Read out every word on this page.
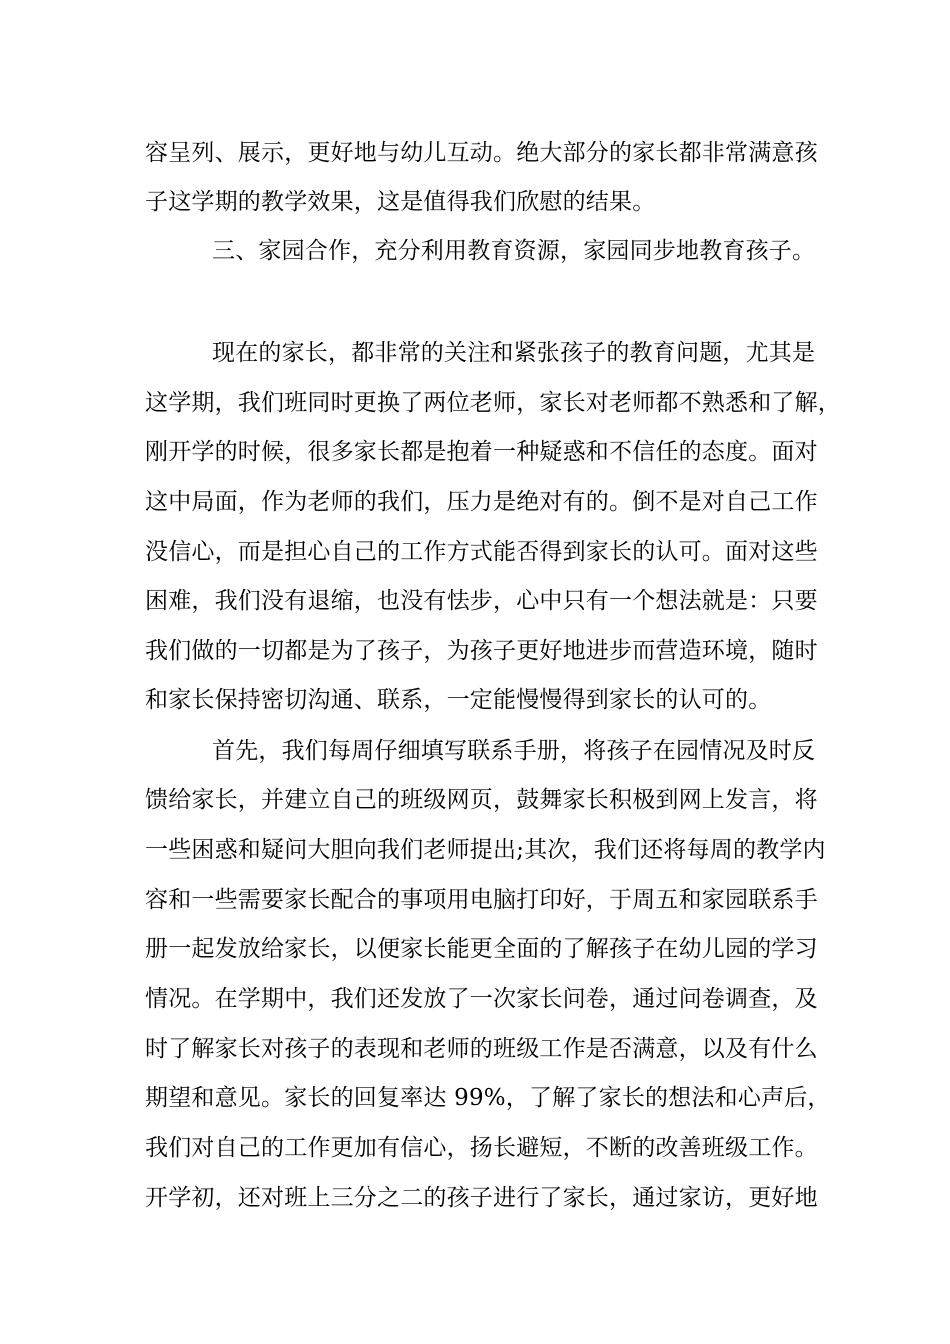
容呈列、展示，更好地与幼儿互动。绝大部分的家长都非常满意孩
子这学期的教学效果，这是值得我们欣慰的结果。
三、家园合作，充分利用教育资源，家园同步地教育孩子。
现在的家长，都非常的关注和紧张孩子的教育问题，尤其是
这学期，我们班同时更换了两位老师，家长对老师都不熟悉和了解，
刚开学的时候，很多家长都是抱着一种疑惑和不信任的态度。面对
这中局面，作为老师的我们，压力是绝对有的。倒不是对自己工作
没信心，而是担心自己的工作方式能否得到家长的认可。面对这些
困难，我们没有退缩，也没有怯步，心中只有一个想法就是：只要
我们做的一切都是为了孩子，为孩子更好地进步而营造环境，随时
和家长保持密切沟通、联系，一定能慢慢得到家长的认可的。
首先，我们每周仔细填写联系手册，将孩子在园情况及时反
馈给家长，并建立自己的班级网页，鼓舞家长积极到网上发言，将
一些困惑和疑问大胆向我们老师提出;其次，我们还将每周的教学内
容和一些需要家长配合的事项用电脑打印好，于周五和家园联系手
册一起发放给家长，以便家长能更全面的了解孩子在幼儿园的学习
情况。在学期中，我们还发放了一次家长问卷，通过问卷调查，及
时了解家长对孩子的表现和老师的班级工作是否满意，以及有什么
期望和意见。家长的回复率达 99%，了解了家长的想法和心声后，
我们对自己的工作更加有信心，扬长避短，不断的改善班级工作。
开学初，还对班上三分之二的孩子进行了家长，通过家访，更好地
